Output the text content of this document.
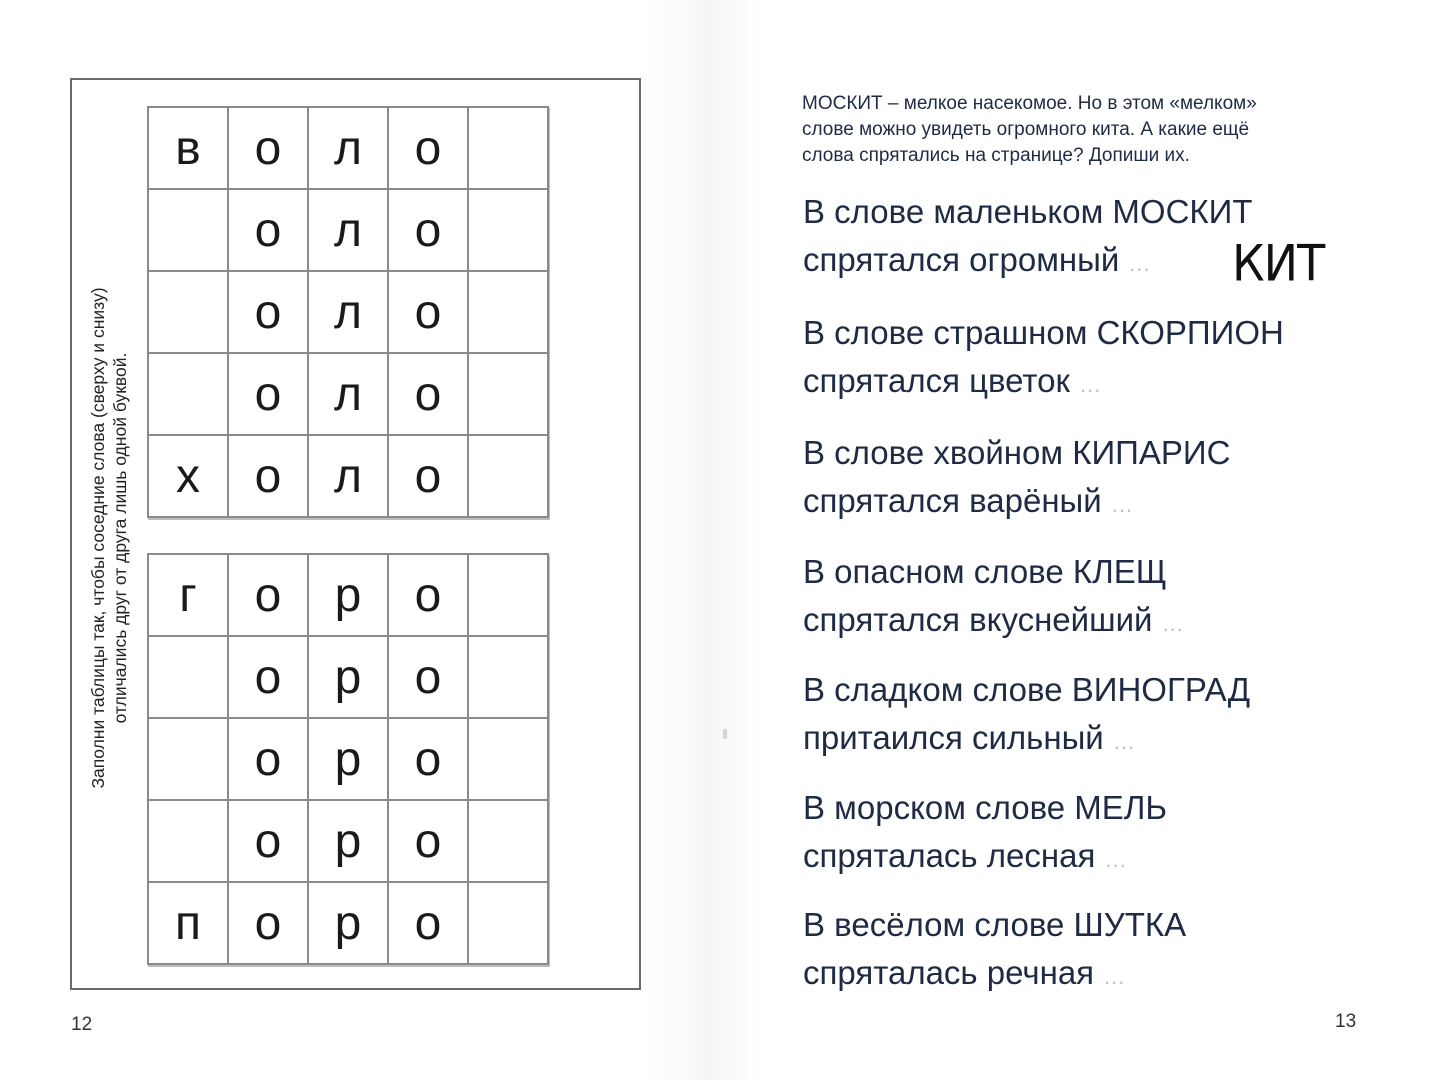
Заполни таблицы так, чтобы соседние слова (сверху и снизу) отличались друг от друга лишь одной буквой.
в	о	л	о	
	о	л	о	
	о	л	о	
	о	л	о	
х	о	л	о	
г	о	р	о	
	о	р	о	
	о	р	о	
	о	р	о	
п	о	р	о	
12
МОСКИТ – мелкое насекомое. Но в этом «мелком»
слове можно увидеть огромного кита. А какие ещё
слова спрятались на странице? Допиши их.
В слове маленьком МОСКИТ
спрятался огромный ...	КИТ
В слове страшном СКОРПИОН
спрятался цветок ...
В слове хвойном КИПАРИС
спрятался варёный ...
В опасном слове КЛЕЩ
спрятался вкуснейший ...
В сладком слове ВИНОГРАД
притаился сильный ...
В морском слове МЕЛЬ
спряталась лесная ...
В весёлом слове ШУТКА
спряталась речная ...
13
